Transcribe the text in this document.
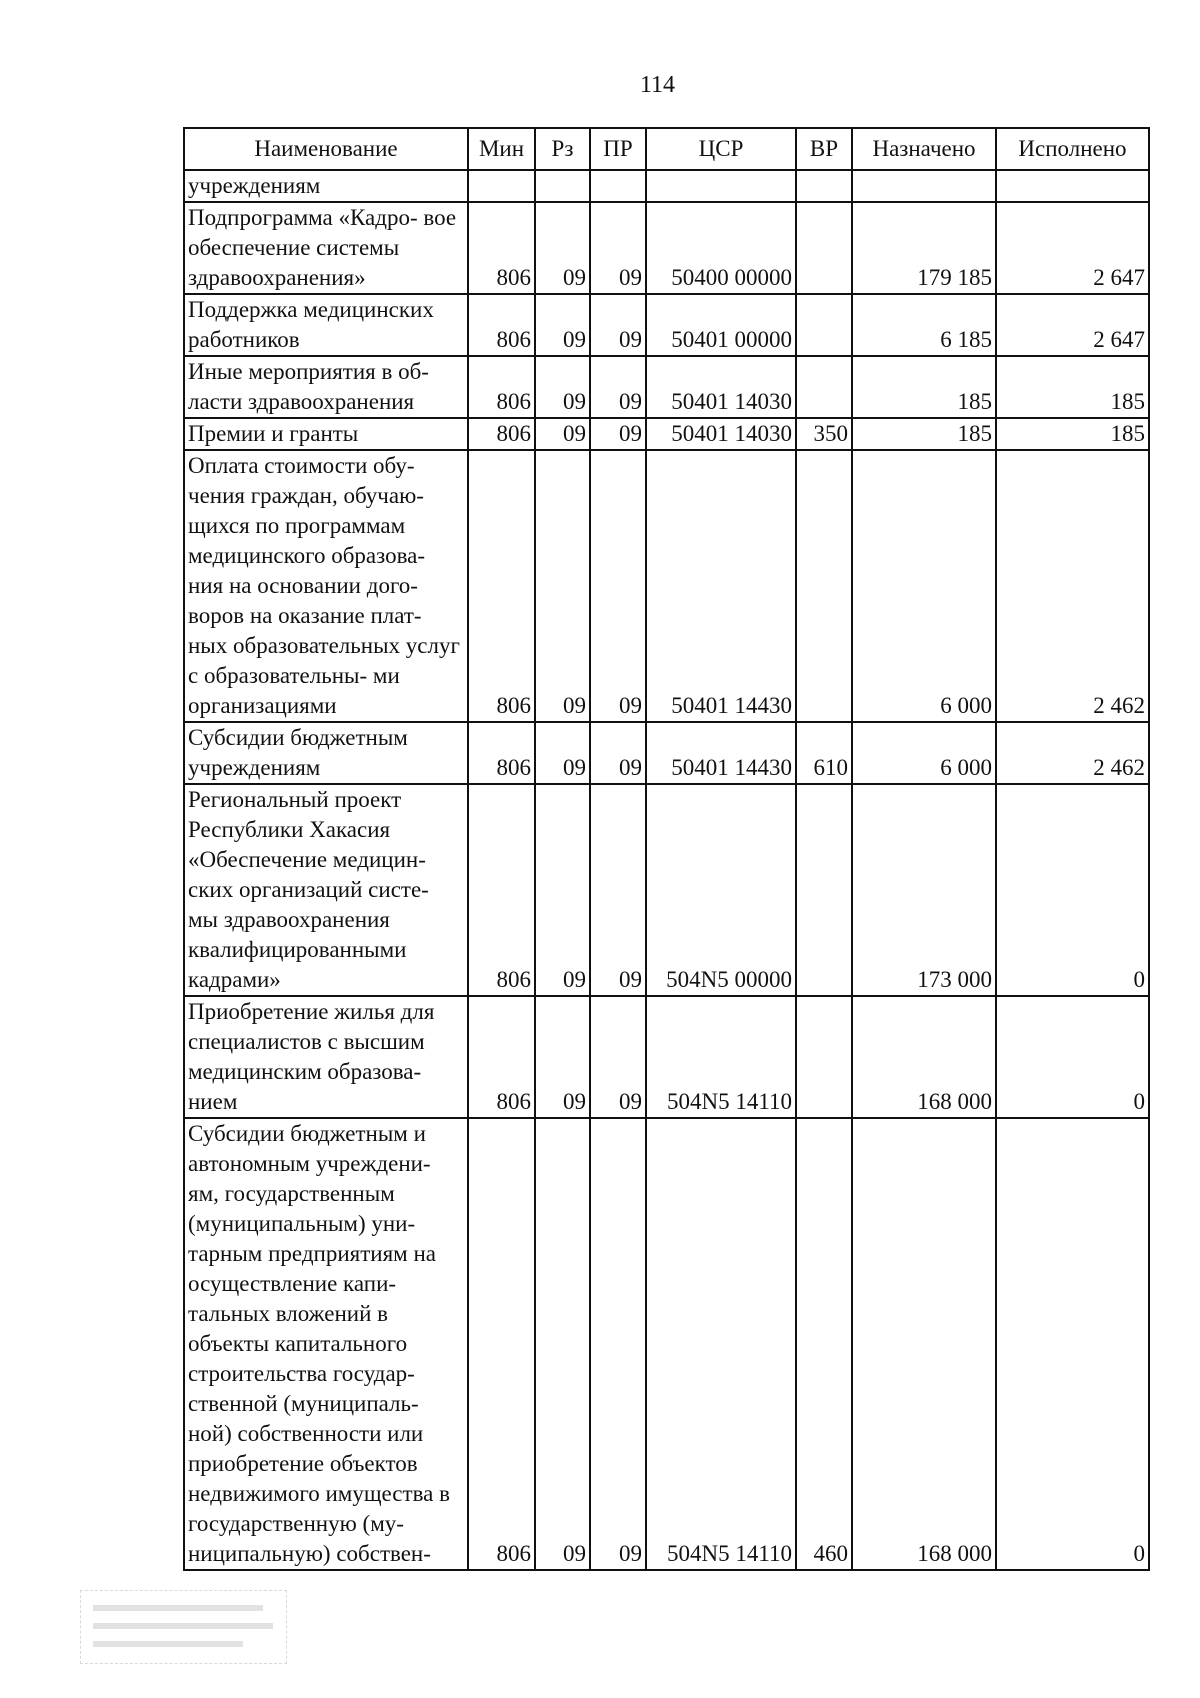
114
Наименование	Мин	Рз	ПР	ЦСР	ВР	Назначено	Исполнено
учреждениям							
Подпрограмма «Кадро- вое обеспечение системы здравоохранения»	806	09	09	50400 00000		179 185	2 647
Поддержка медицинских работников	806	09	09	50401 00000		6 185	2 647
Иные мероприятия в об- ласти здравоохранения	806	09	09	50401 14030		185	185
Премии и гранты	806	09	09	50401 14030	350	185	185
Оплата стоимости обу- чения граждан, обучаю- щихся по программам медицинского образова- ния на основании дого- воров на оказание плат- ных образовательных услуг с образовательны- ми организациями	806	09	09	50401 14430		6 000	2 462
Субсидии бюджетным учреждениям	806	09	09	50401 14430	610	6 000	2 462
Региональный проект Республики Хакасия «Обеспечение медицин- ских организаций систе- мы здравоохранения квалифицированными кадрами»	806	09	09	504N5 00000		173 000	0
Приобретение жилья для специалистов с высшим медицинским образова- нием	806	09	09	504N5 14110		168 000	0
Субсидии бюджетным и автономным учреждени- ям, государственным (муниципальным) уни- тарным предприятиям на осуществление капи- тальных вложений в объекты капитального строительства государ- ственной (муниципаль- ной) собственности или приобретение объектов недвижимого имущества в государственную (му- ниципальную) собствен-	806	09	09	504N5 14110	460	168 000	0
